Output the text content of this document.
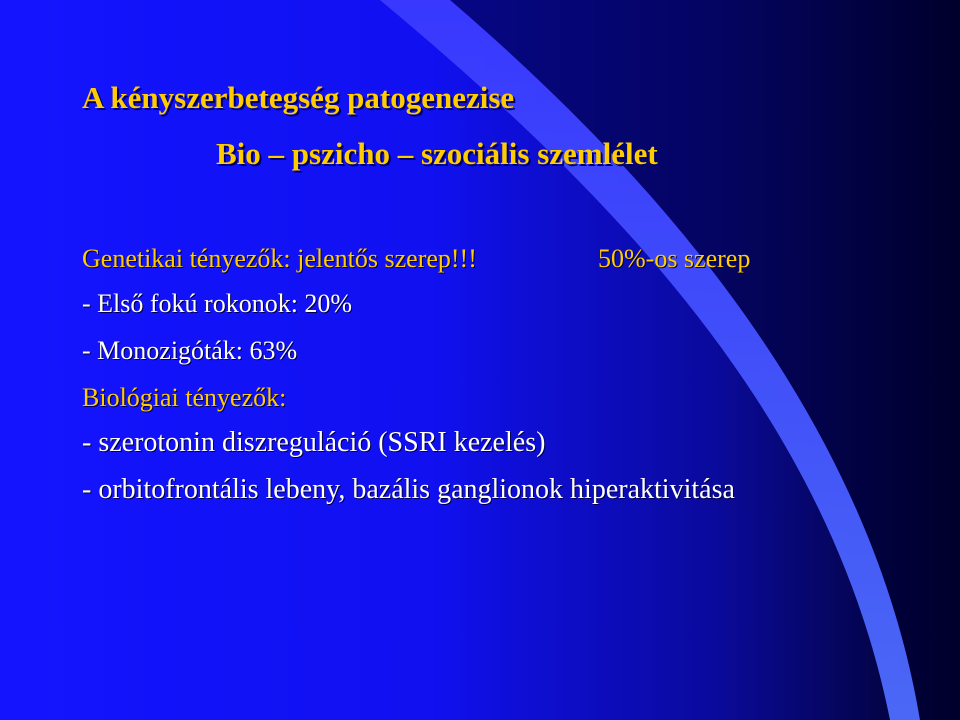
A kényszerbetegség patogenezise
Bio – pszicho – szociális szemlélet
Genetikai tényezők: jelentős szerep!!!	50%-os szerep
- Első fokú rokonok: 20%
- Monozigóták: 63%
Biológiai tényezők:
- szerotonin diszreguláció (SSRI kezelés)
- orbitofrontális lebeny, bazális ganglionok hiperaktivitása
